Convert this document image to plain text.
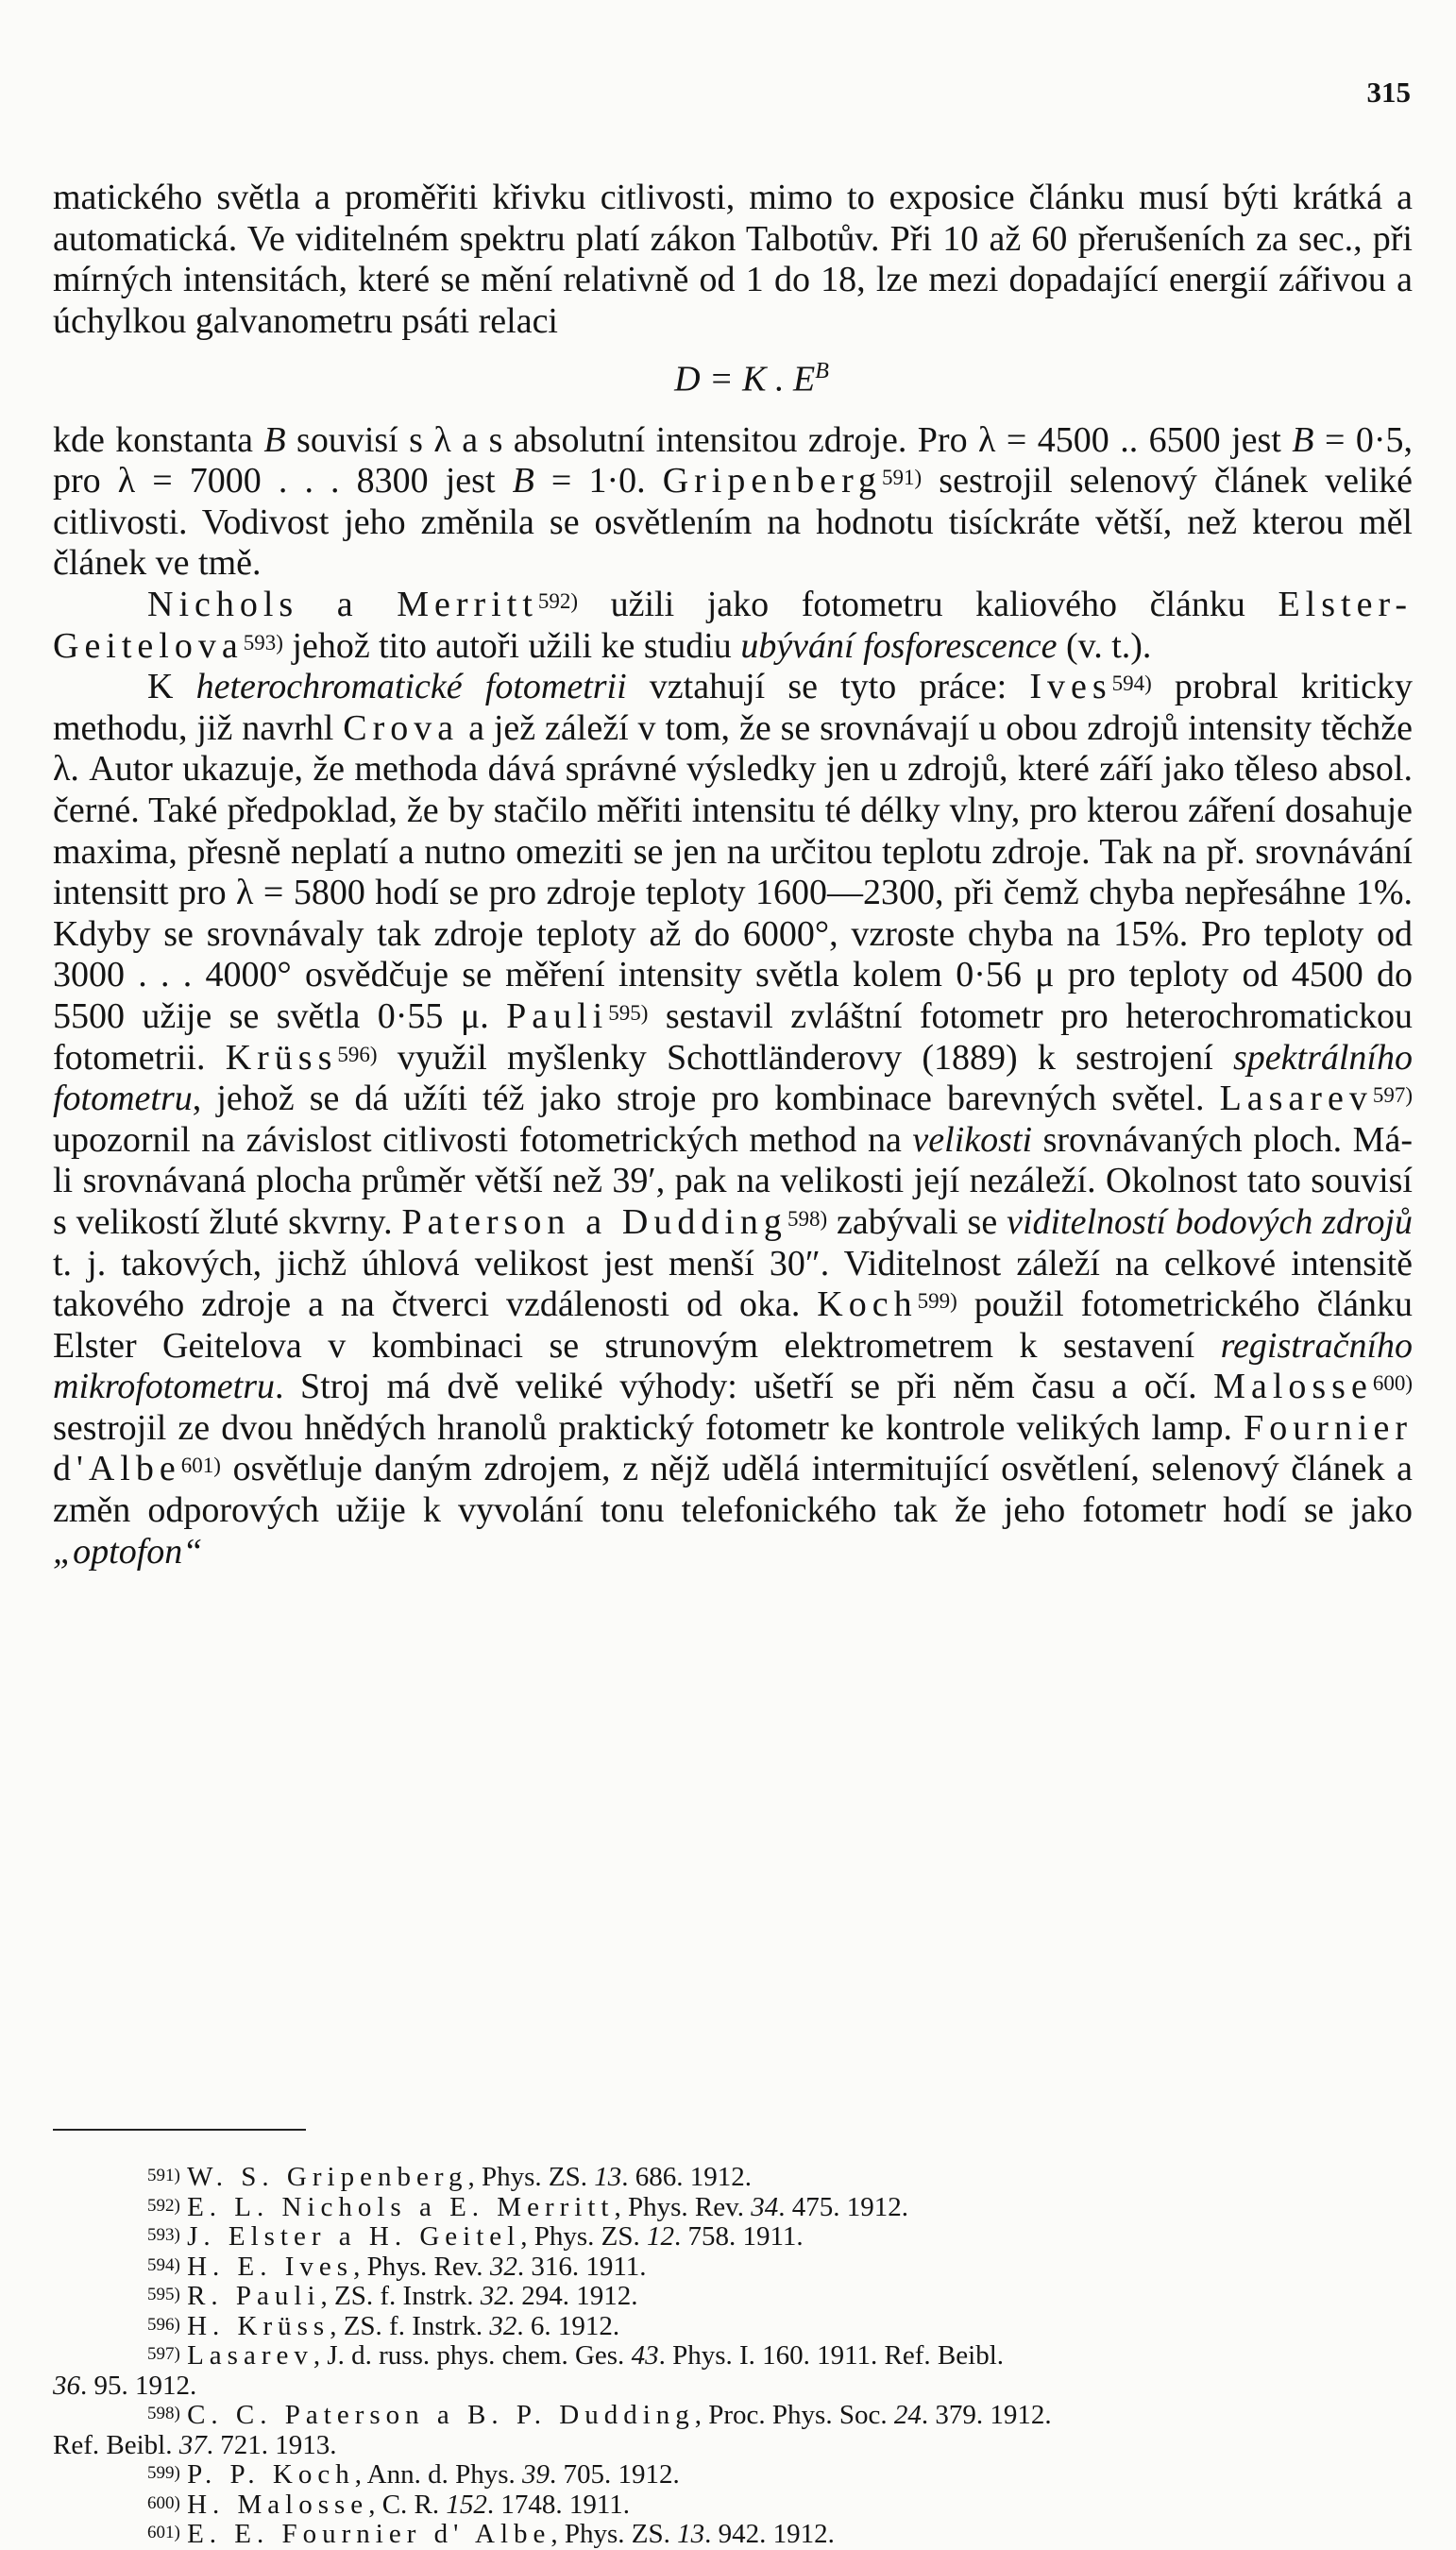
315

matického světla a proměřiti křivku citlivosti, mimo to exposice článku musí býti krátká a automatická. Ve viditelném spektru platí zákon Talbotův. Při 10 až 60 přerušeních za sec., při mírných intensitách, které se mění relativně od 1 do 18, lze mezi dopadající energií zářivou a úchylkou galvanometru psáti relaci

D = K . $E^B$

kde konstanta B souvisí s λ a s absolutní intensitou zdroje. Pro λ = 4500 .. 6500 jest B = 0·5, pro λ = 7000 . . . 8300 jest B = 1·0. Gripenberg$^{591)}$ sestrojil selenový článek veliké citlivosti. Vodivost jeho změnila se osvětlením na hodnotu tisíckráte větší, než kterou měl článek ve tmě.

Nichols a Merritt$^{592)}$ užili jako fotometru kaliového článku Elster-Geitelova$^{593)}$ jehož tito autoři užili ke studiu ubývání fosforescence (v. t.).

K heterochromatické fotometrii vztahují se tyto práce: Ives$^{594)}$ probral kriticky methodu, již navrhl Crova a jež záleží v tom, že se srovnávají u obou zdrojů intensity těchže λ. Autor ukazuje, že methoda dává správné výsledky jen u zdrojů, které září jako těleso absol. černé. Také předpoklad, že by stačilo měřiti intensitu té délky vlny, pro kterou záření dosahuje maxima, přesně neplatí a nutno omeziti se jen na určitou teplotu zdroje. Tak na př. srovnávání intensitt pro λ = 5800 hodí se pro zdroje teploty 1600—2300, při čemž chyba nepřesáhne 1%. Kdyby se srovnávaly tak zdroje teploty až do 6000°, vzroste chyba na 15%. Pro teploty od 3000 . . . 4000° osvědčuje se měření intensity světla kolem 0·56 μ pro teploty od 4500 do 5500 užije se světla 0·55 μ. Pauli$^{595)}$ sestavil zvláštní fotometr pro heterochromatickou fotometrii. Krüss$^{596)}$ využil myšlenky Schottländerovy (1889) k sestrojení spektrálního fotometru, jehož se dá užíti též jako stroje pro kombinace barevných světel. Lasarev$^{597)}$ upozornil na závislost citlivosti fotometrických method na velikosti srovnávaných ploch. Má-li srovnávaná plocha průměr větší než 39′, pak na velikosti její nezáleží. Okolnost tato souvisí s velikostí žluté skvrny. Paterson a Dudding$^{598)}$ zabývali se viditelností bodových zdrojů t. j. takových, jichž úhlová velikost jest menší 30″. Viditelnost záleží na celkové intensitě takového zdroje a na čtverci vzdálenosti od oka. Koch$^{599)}$ použil fotometrického článku Elster Geitelova v kombinaci se strunovým elektrometrem k sestavení registračního mikrofotometru. Stroj má dvě veliké výhody: ušetří se při něm času a očí. Malosse$^{600)}$ sestrojil ze dvou hnědých hranolů praktický fotometr ke kontrole velikých lamp. Fournier d'Albe$^{601)}$ osvětluje daným zdrojem, z nějž udělá intermitující osvětlení, selenový článek a změn odporových užije k vyvolání tonu telefonického tak že jeho fotometr hodí se jako „optofon“

$^{591)}$ W. S. Gripenberg, Phys. ZS. 13. 686. 1912.

$^{592)}$ E. L. Nichols a E. Merritt, Phys. Rev. 34. 475. 1912.

$^{593)}$ J. Elster a H. Geitel, Phys. ZS. 12. 758. 1911.

$^{594)}$ H. E. Ives, Phys. Rev. 32. 316. 1911.

$^{595)}$ R. Pauli, ZS. f. Instrk. 32. 294. 1912.

$^{596)}$ H. Krüss, ZS. f. Instrk. 32. 6. 1912.

$^{597)}$ Lasarev, J. d. russ. phys. chem. Ges. 43. Phys. I. 160. 1911. Ref. Beibl.

36. 95. 1912.

$^{598)}$ C. C. Paterson a B. P. Dudding, Proc. Phys. Soc. 24. 379. 1912.

Ref. Beibl. 37. 721. 1913.

$^{599)}$ P. P. Koch, Ann. d. Phys. 39. 705. 1912.

$^{600)}$ H. Malosse, C. R. 152. 1748. 1911.

$^{601)}$ E. E. Fournier d' Albe, Phys. ZS. 13. 942. 1912.
